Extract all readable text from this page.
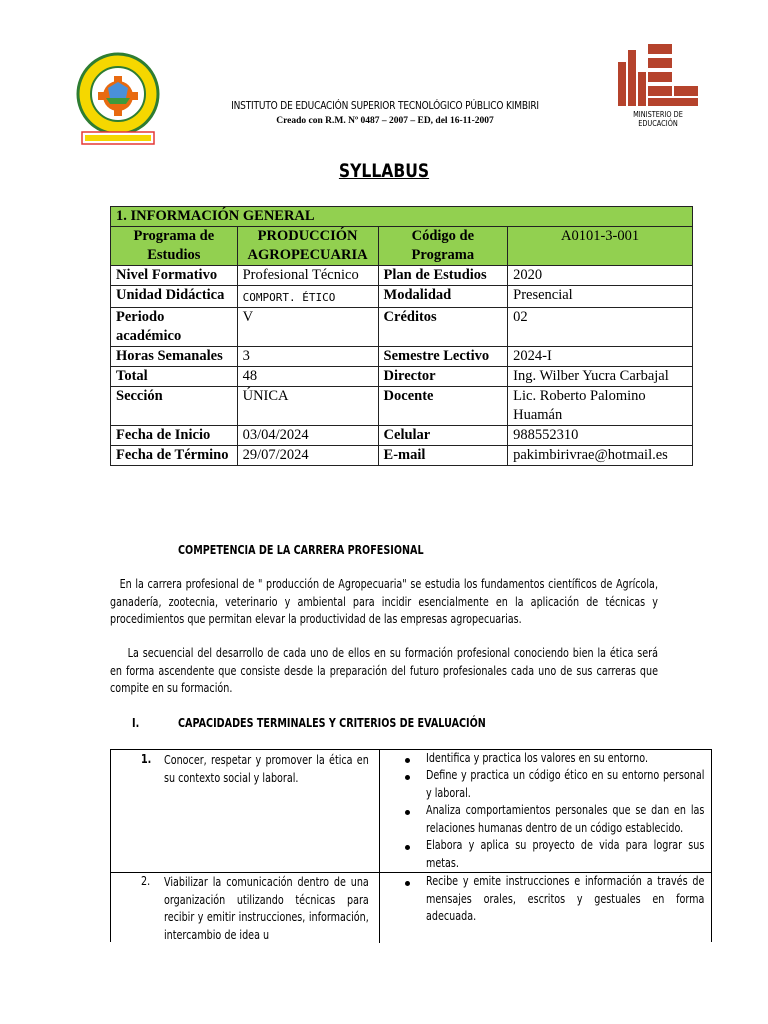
INSTITUTO DE EDUCACIÓN SUPERIOR TECNOLÓGICO PÚBLICO KIMBIRI
Creado con R.M. Nº 0487 – 2007 – ED, del 16-11-2007
MINISTERIO DE EDUCACIÓN
SYLLABUS
1. INFORMACIÓN GENERAL			
Programa de Estudios	PRODUCCIÓN AGROPECUARIA	Código de Programa	A0101-3-001
Nivel Formativo	Profesional Técnico	Plan de Estudios	2020
Unidad Didáctica	COMPORT. ÉTICO	Modalidad	Presencial
Periodo académico	V	Créditos	02
Horas Semanales	3	Semestre Lectivo	2024-I
Total	48	Director	Ing. Wilber Yucra Carbajal
Sección	ÚNICA	Docente	Lic. Roberto Palomino Huamán
Fecha de Inicio	03/04/2024	Celular	988552310
Fecha de Término	29/07/2024	E-mail	pakimbirivrae@hotmail.es
COMPETENCIA DE LA CARRERA PROFESIONAL
En la carrera profesional de " producción de Agropecuaria" se estudia los fundamentos científicos de Agrícola, ganadería, zootecnia, veterinario y ambiental para incidir esencialmente en la aplicación de técnicas y procedimientos que permitan elevar la productividad de las empresas agropecuarias.
La secuencial del desarrollo de cada uno de ellos en su formación profesional conociendo bien la ética será en forma ascendente que consiste desde la preparación del futuro profesionales cada uno de sus carreras que compite en su formación.
I.	CAPACIDADES TERMINALES Y CRITERIOS DE EVALUACIÓN
1. Conocer, respetar y promover la ética en su contexto social y laboral.
Identifica y practica los valores en su entorno.
Define y practica un código ético en su entorno personal y laboral.
Analiza comportamientos personales que se dan en las relaciones humanas dentro de un código establecido.
Elabora y aplica su proyecto de vida para lograr sus metas.
2. Viabilizar la comunicación dentro de una organización utilizando técnicas para recibir y emitir instrucciones, información, intercambio de idea u
Recibe y emite instrucciones e información a través de mensajes orales, escritos y gestuales en forma adecuada.
